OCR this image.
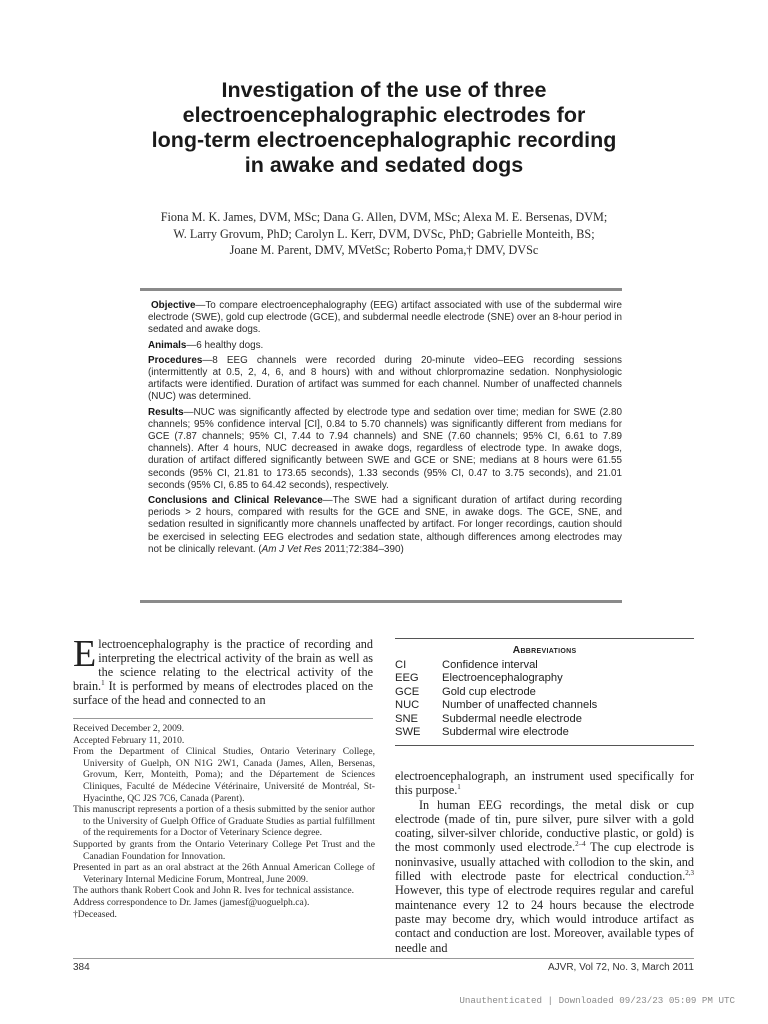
Investigation of the use of three
electroencephalographic electrodes for
long-term electroencephalographic recording
in awake and sedated dogs
Fiona M. K. James, DVM, MSc; Dana G. Allen, DVM, MSc; Alexa M. E. Bersenas, DVM;
W. Larry Grovum, PhD; Carolyn L. Kerr, DVM, DVSc, PhD; Gabrielle Monteith, BS;
Joane M. Parent, DMV, MVetSc; Roberto Poma,† DMV, DVSc

Objective—To compare electroencephalography (EEG) artifact associated with use of the subdermal wire electrode (SWE), gold cup electrode (GCE), and subdermal needle electrode (SNE) over an 8-hour period in sedated and awake dogs.

Animals—6 healthy dogs.

Procedures—8 EEG channels were recorded during 20-minute video–EEG recording sessions (intermittently at 0.5, 2, 4, 6, and 8 hours) with and without chlorpromazine sedation. Nonphysiologic artifacts were identified. Duration of artifact was summed for each channel. Number of unaffected channels (NUC) was determined.

Results—NUC was significantly affected by electrode type and sedation over time; median for SWE (2.80 channels; 95% confidence interval [CI], 0.84 to 5.70 channels) was significantly different from medians for GCE (7.87 channels; 95% CI, 7.44 to 7.94 channels) and SNE (7.60 channels; 95% CI, 6.61 to 7.89 channels). After 4 hours, NUC decreased in awake dogs, regardless of electrode type. In awake dogs, duration of artifact differed significantly between SWE and GCE or SNE; medians at 8 hours were 61.55 seconds (95% CI, 21.81 to 173.65 seconds), 1.33 seconds (95% CI, 0.47 to 3.75 seconds), and 21.01 seconds (95% CI, 6.85 to 64.42 seconds), respectively.

Conclusions and Clinical Relevance—The SWE had a significant duration of artifact during recording periods > 2 hours, compared with results for the GCE and SNE, in awake dogs. The GCE, SNE, and sedation resulted in significantly more channels unaffected by artifact. For longer recordings, caution should be exercised in selecting EEG electrodes and sedation state, although differences among electrodes may not be clinically relevant. (Am J Vet Res 2011;72:384–390)

Electroencephalography is the practice of recording and interpreting the electrical activity of the brain as well as the science relating to the electrical activity of the brain.$^1$ It is performed by means of electrodes placed on the surface of the head and connected to an

Received December 2, 2009.

Accepted February 11, 2010.

From the Department of Clinical Studies, Ontario Veterinary College, University of Guelph, ON N1G 2W1, Canada (James, Allen, Bersenas, Grovum, Kerr, Monteith, Poma); and the Département de Sciences Cliniques, Faculté de Médecine Vétérinaire, Université de Montréal, St-Hyacinthe, QC J2S 7C6, Canada (Parent).

This manuscript represents a portion of a thesis submitted by the senior author to the University of Guelph Office of Graduate Studies as partial fulfillment of the requirements for a Doctor of Veterinary Science degree.

Supported by grants from the Ontario Veterinary College Pet Trust and the Canadian Foundation for Innovation.

Presented in part as an oral abstract at the 26th Annual American College of Veterinary Internal Medicine Forum, Montreal, June 2009.

The authors thank Robert Cook and John R. Ives for technical assistance.

Address correspondence to Dr. James (jamesf@uoguelph.ca).

†Deceased.

Abbreviations
CI	Confidence interval
EEG	Electroencephalography
GCE	Gold cup electrode
NUC	Number of unaffected channels
SNE	Subdermal needle electrode
SWE	Subdermal wire electrode

electroencephalograph, an instrument used specifically for this purpose.$^1$

In human EEG recordings, the metal disk or cup electrode (made of tin, pure silver, pure silver with a gold coating, silver-silver chloride, conductive plastic, or gold) is the most commonly used electrode.$^{2-4}$ The cup electrode is noninvasive, usually attached with collodion to the skin, and filled with electrode paste for electrical conduction.$^{2,3}$ However, this type of electrode requires regular and careful maintenance every 12 to 24 hours because the electrode paste may become dry, which would introduce artifact as contact and conduction are lost. Moreover, available types of needle and

384	AJVR, Vol 72, No. 3, March 2011
Unauthenticated | Downloaded 09/23/23 05:09 PM UTC
